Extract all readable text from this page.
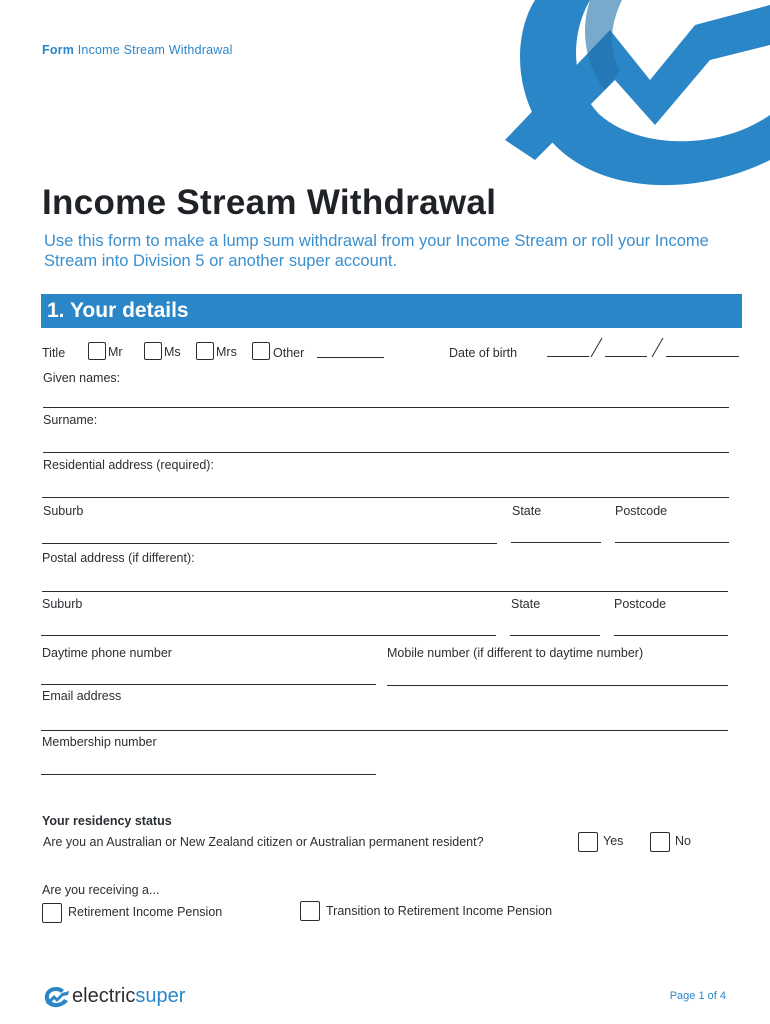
Form Income Stream Withdrawal
Income Stream Withdrawal
Use this form to make a lump sum withdrawal from your Income Stream or roll your Income Stream into Division 5 or another super account.
1. Your details
Title	Mr	Ms	Mrs	Other	Date of birth
Given names:
Surname:
Residential address (required):
Suburb	State	Postcode
Postal address (if different):
Suburb	State	Postcode
Daytime phone number	Mobile number (if different to daytime number)
Email address
Membership number
Your residency status
Are you an Australian or New Zealand citizen or Australian permanent resident?	Yes	No
Are you receiving a...
Retirement Income Pension	Transition to Retirement Income Pension
electricsuper	Page 1 of 4
